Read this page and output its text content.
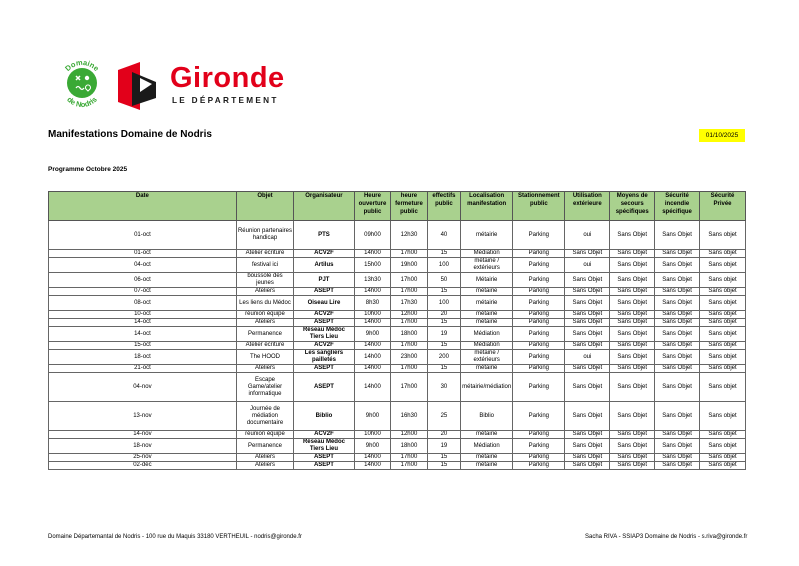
Domaine
de Nodris
Gironde
LE DÉPARTEMENT
Manifestations Domaine de Nodris	01/10/2025
Programme Octobre 2025
Date	Objet	Organisateur	Heure ouverture public	heure fermeture public	effectifs public	Localisation manifestation	Stationnement public	Utilisation extérieure	Moyens de secours spécifiques	Sécurité incendie spécifique	Sécurité Privée
01-oct	Réunion partenaires handicap	PTS	09h00	12h30	40	métairie	Parking	oui	Sans Objet	Sans Objet	Sans objet
01-oct	Atelier écriture	ACV2F	14h00	17h00	15	Médiation	Parking	Sans Objet	Sans Objet	Sans Objet	Sans objet
04-oct	festival ici	Artilus	15h00	19h00	100	métairie / extérieurs	Parking	oui	Sans Objet	Sans Objet	Sans objet
06-oct	boussole des jeunes	PJT	13h30	17h00	50	Métairie	Parking	Sans Objet	Sans Objet	Sans Objet	Sans objet
07-oct	Ateliers	ASEPT	14h00	17h00	15	métairie	Parking	Sans Objet	Sans Objet	Sans Objet	Sans objet
08-oct	Les liens du Médoc	Oiseau Lire	8h30	17h30	100	métairie	Parking	Sans Objet	Sans Objet	Sans Objet	Sans objet
10-oct	réunion équipe	ACV2F	10h00	12h00	20	métairie	Parking	Sans Objet	Sans Objet	Sans Objet	Sans objet
14-oct	Ateliers	ASEPT	14h00	17h00	15	métairie	Parking	Sans Objet	Sans Objet	Sans Objet	Sans objet
14-oct	Permanence	Réseau Médoc Tiers Lieu	9h00	18h00	19	Médiation	Parking	Sans Objet	Sans Objet	Sans Objet	Sans objet
15-oct	Atelier écriture	ACV2F	14h00	17h00	15	Médiation	Parking	Sans Objet	Sans Objet	Sans Objet	Sans objet
18-oct	The HOOD	Les sangliers pailletés	14h00	23h00	200	métairie / extérieurs	Parking	oui	Sans Objet	Sans Objet	Sans objet
21-oct	Ateliers	ASEPT	14h00	17h00	15	métairie	Parking	Sans Objet	Sans Objet	Sans Objet	Sans objet
04-nov	Escape Game/atelier informatique	ASEPT	14h00	17h00	30	métairie/médiation	Parking	Sans Objet	Sans Objet	Sans Objet	Sans objet
13-nov	Journée de médiation documentaire	Biblio	9h00	16h30	25	Biblio	Parking	Sans Objet	Sans Objet	Sans Objet	Sans objet
14-nov	réunion équipe	ACV2F	10h00	12h00	20	métairie	Parking	Sans Objet	Sans Objet	Sans Objet	Sans objet
18-nov	Permanence	Réseau Médoc Tiers Lieu	9h00	18h00	19	Médiation	Parking	Sans Objet	Sans Objet	Sans Objet	Sans objet
25-nov	Ateliers	ASEPT	14h00	17h00	15	métairie	Parking	Sans Objet	Sans Objet	Sans Objet	Sans objet
02-déc	Ateliers	ASEPT	14h00	17h00	15	métairie	Parking	Sans Objet	Sans Objet	Sans Objet	Sans objet
Domaine Départemantal de Nodris - 100 rue du Maquis 33180 VERTHEUIL - nodris@gironde.fr	Sacha RIVA - SSIAP3 Domaine de Nodris - s.riva@gironde.fr
